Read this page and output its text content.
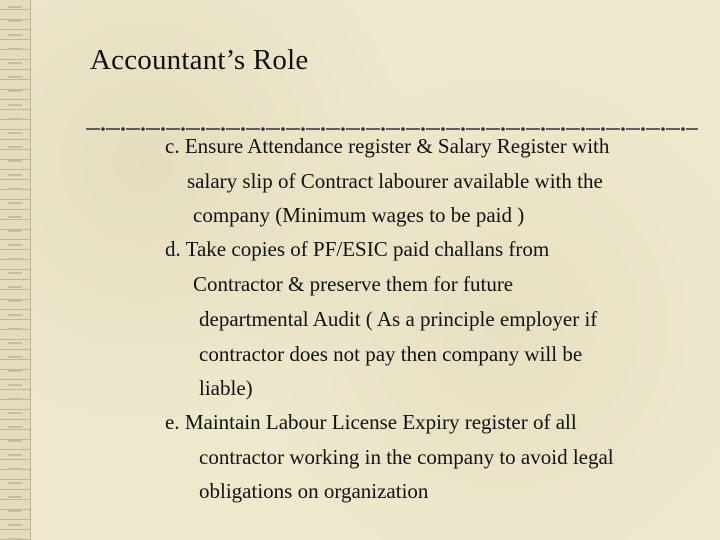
Accountant’s Role
c. Ensure Attendance register & Salary Register with
salary slip of Contract labourer available with the
company (Minimum wages to be paid )
d. Take copies of PF/ESIC paid challans from
Contractor & preserve them for future
departmental Audit ( As a principle employer if
contractor does not pay then company will be
liable)
e. Maintain Labour License Expiry register of all
contractor working in the company to avoid legal
obligations on organization
